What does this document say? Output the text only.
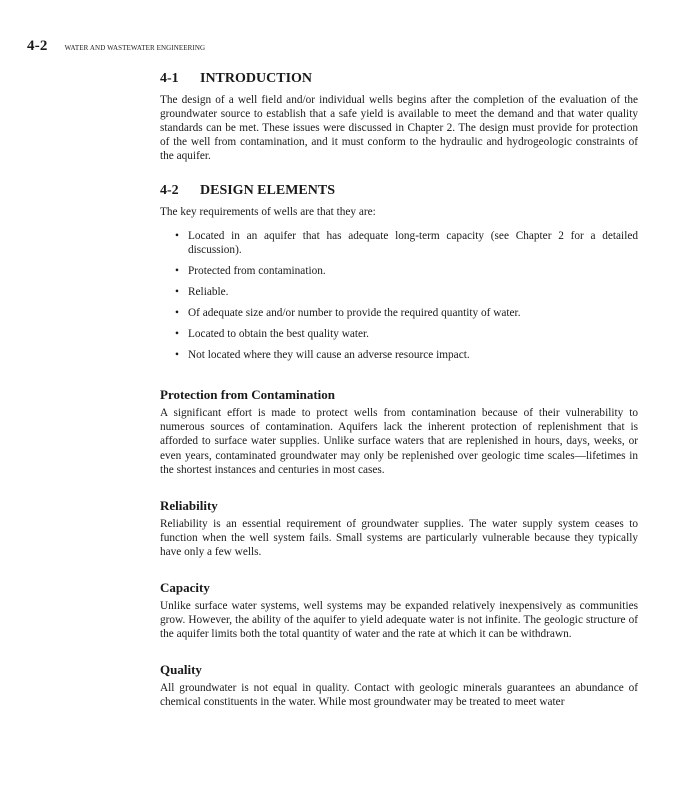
4-2 WATER AND WASTEWATER ENGINEERING
4-1 INTRODUCTION

The design of a well field and/or individual wells begins after the completion of the evaluation of the groundwater source to establish that a safe yield is available to meet the demand and that water quality standards can be met. These issues were discussed in Chapter 2. The design must provide for protection of the well from contamination, and it must conform to the hydraulic and hydrogeologic constraints of the aquifer.

4-2 DESIGN ELEMENTS

The key requirements of wells are that they are:

• Located in an aquifer that has adequate long-term capacity (see Chapter 2 for a detailed discussion).
• Protected from contamination.
• Reliable.
• Of adequate size and/or number to provide the required quantity of water.
• Located to obtain the best quality water.
• Not located where they will cause an adverse resource impact.
Protection from Contamination

A significant effort is made to protect wells from contamination because of their vulnerability to numerous sources of contamination. Aquifers lack the inherent protection of replenishment that is afforded to surface water supplies. Unlike surface waters that are replenished in hours, days, weeks, or even years, contaminated groundwater may only be replenished over geologic time scales—lifetimes in the shortest instances and centuries in most cases.

Reliability

Reliability is an essential requirement of groundwater supplies. The water supply system ceases to function when the well system fails. Small systems are particularly vulnerable because they typically have only a few wells.

Capacity

Unlike surface water systems, well systems may be expanded relatively inexpensively as communities grow. However, the ability of the aquifer to yield adequate water is not infinite. The geologic structure of the aquifer limits both the total quantity of water and the rate at which it can be withdrawn.

Quality

All groundwater is not equal in quality. Contact with geologic minerals guarantees an abundance of chemical constituents in the water. While most groundwater may be treated to meet water
